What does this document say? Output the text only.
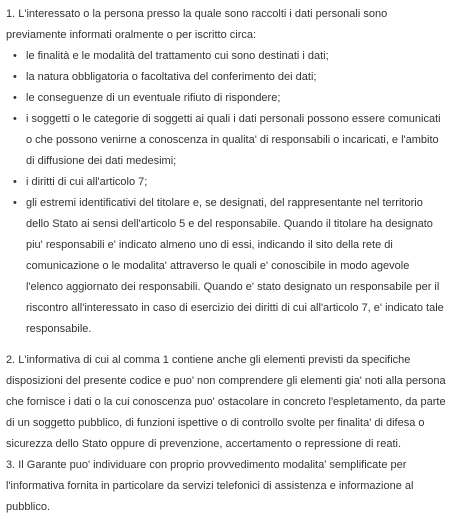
1. L'interessato o la persona presso la quale sono raccolti i dati personali sono previamente informati oralmente o per iscritto circa:

• le finalità e le modalità del trattamento cui sono destinati i dati;
• la natura obbligatoria o facoltativa del conferimento dei dati;
• le conseguenze di un eventuale rifiuto di rispondere;
• i soggetti o le categorie di soggetti ai quali i dati personali possono essere comunicati o che possono venirne a conoscenza in qualita' di responsabili o incaricati, e l'ambito di diffusione dei dati medesimi;
• i diritti di cui all'articolo 7;
• gli estremi identificativi del titolare e, se designati, del rappresentante nel territorio dello Stato ai sensi dell'articolo 5 e del responsabile. Quando il titolare ha designato piu' responsabili e' indicato almeno uno di essi, indicando il sito della rete di comunicazione o le modalita' attraverso le quali e' conoscibile in modo agevole l'elenco aggiornato dei responsabili. Quando e' stato designato un responsabile per il riscontro all'interessato in caso di esercizio dei diritti di cui all'articolo 7, e' indicato tale responsabile.

2. L'informativa di cui al comma 1 contiene anche gli elementi previsti da specifiche disposizioni del presente codice e puo' non comprendere gli elementi gia' noti alla persona che fornisce i dati o la cui conoscenza puo' ostacolare in concreto l'espletamento, da parte di un soggetto pubblico, di funzioni ispettive o di controllo svolte per finalita' di difesa o sicurezza dello Stato oppure di prevenzione, accertamento o repressione di reati.

3. Il Garante puo' individuare con proprio provvedimento modalita' semplificate per l'informativa fornita in particolare da servizi telefonici di assistenza e informazione al pubblico.
